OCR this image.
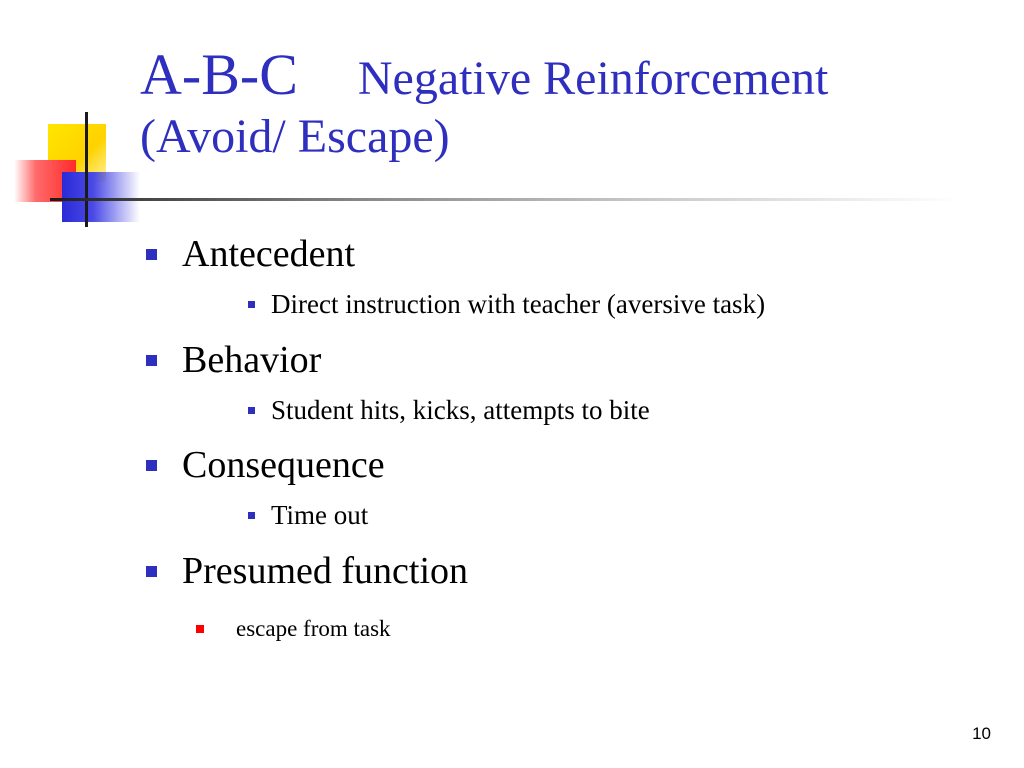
A-B-C Negative Reinforcement
(Avoid/ Escape)
Antecedent
Direct instruction with teacher (aversive task)
Behavior
Student hits, kicks, attempts to bite
Consequence
Time out
Presumed function
escape from task
10
